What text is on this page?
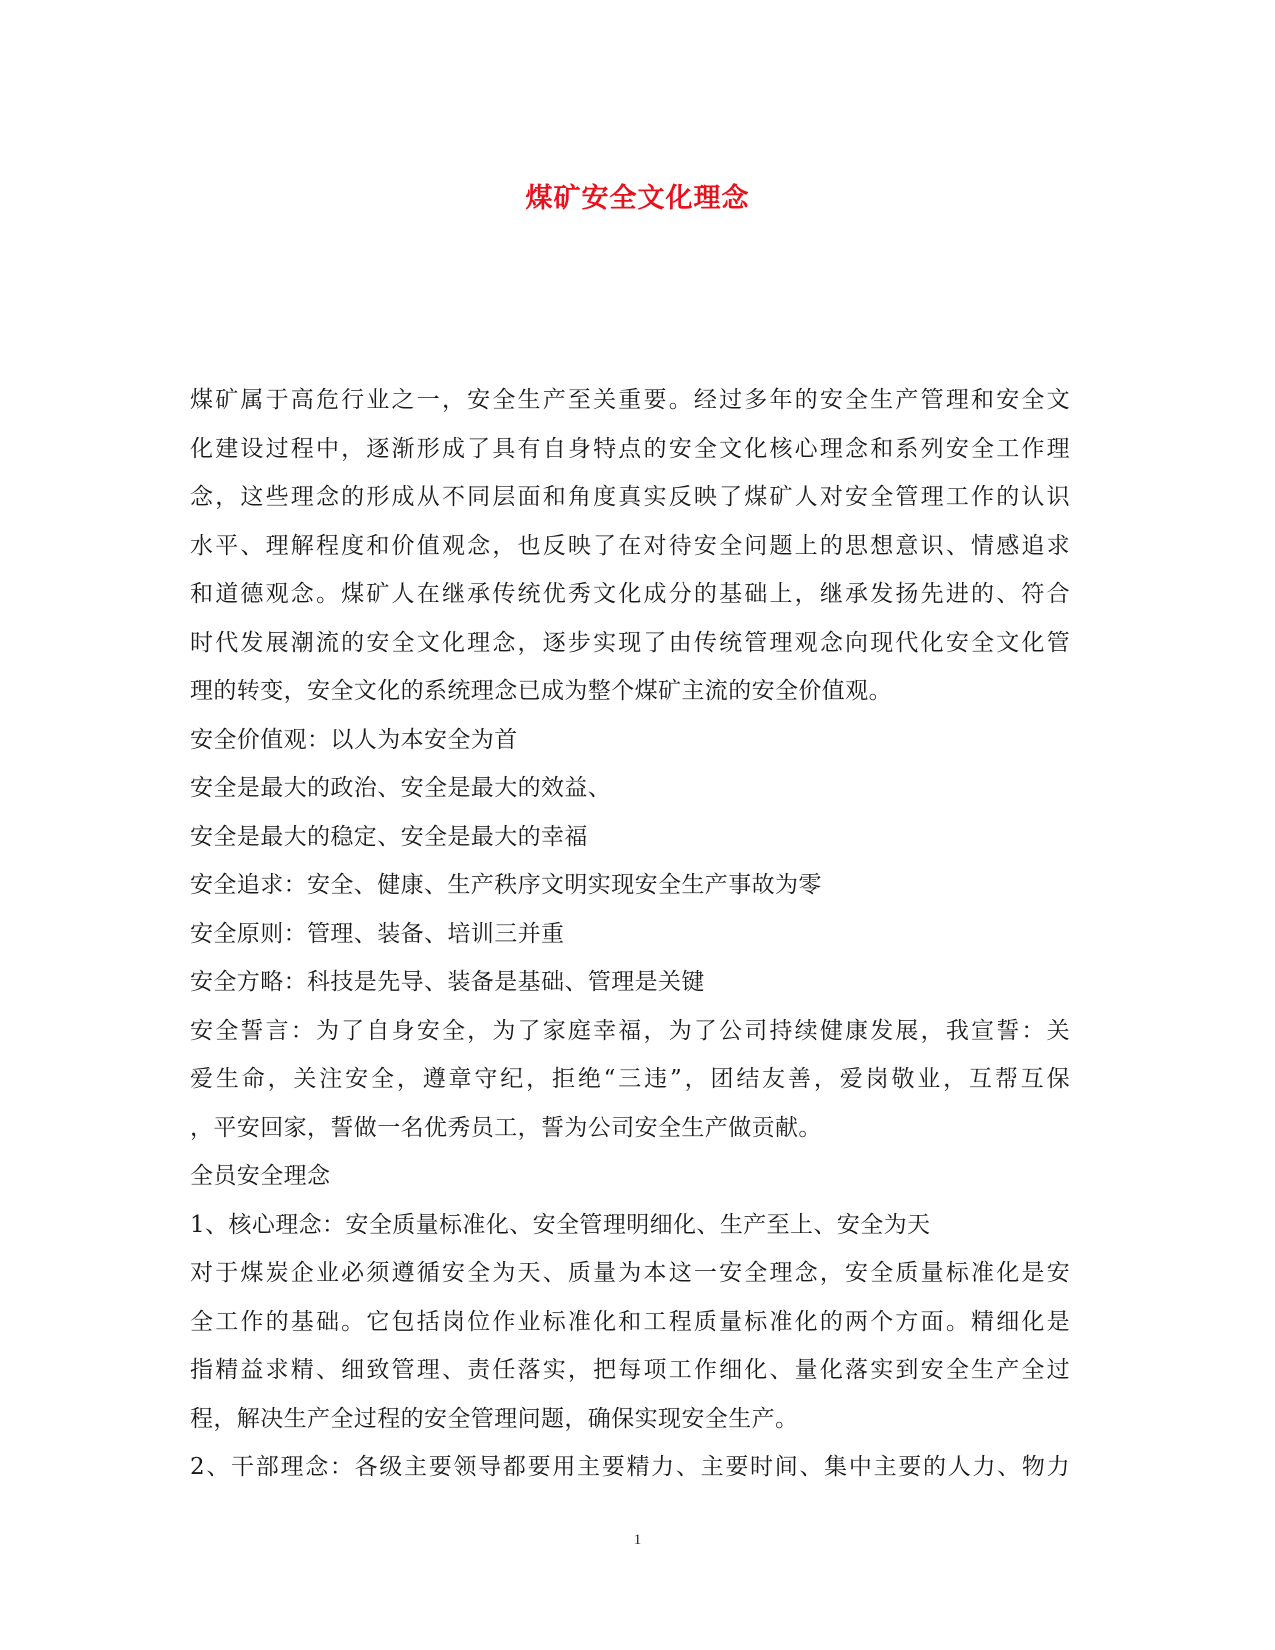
煤矿安全文化理念
煤矿属于高危行业之一，安全生产至关重要。经过多年的安全生产管理和安全文
化建设过程中，逐渐形成了具有自身特点的安全文化核心理念和系列安全工作理
念，这些理念的形成从不同层面和角度真实反映了煤矿人对安全管理工作的认识
水平、理解程度和价值观念，也反映了在对待安全问题上的思想意识、情感追求
和道德观念。煤矿人在继承传统优秀文化成分的基础上，继承发扬先进的、符合
时代发展潮流的安全文化理念，逐步实现了由传统管理观念向现代化安全文化管
理的转变，安全文化的系统理念已成为整个煤矿主流的安全价值观。
安全价值观：以人为本安全为首
安全是最大的政治、安全是最大的效益、
安全是最大的稳定、安全是最大的幸福
安全追求：安全、健康、生产秩序文明实现安全生产事故为零
安全原则：管理、装备、培训三并重
安全方略：科技是先导、装备是基础、管理是关键
安全誓言：为了自身安全，为了家庭幸福，为了公司持续健康发展，我宣誓：关
爱生命，关注安全，遵章守纪，拒绝“三违”，团结友善，爱岗敬业，互帮互保
，平安回家，誓做一名优秀员工，誓为公司安全生产做贡献。
全员安全理念
1、核心理念：安全质量标准化、安全管理明细化、生产至上、安全为天
对于煤炭企业必须遵循安全为天、质量为本这一安全理念，安全质量标准化是安
全工作的基础。它包括岗位作业标准化和工程质量标准化的两个方面。精细化是
指精益求精、细致管理、责任落实，把每项工作细化、量化落实到安全生产全过
程，解决生产全过程的安全管理问题，确保实现安全生产。
2、干部理念：各级主要领导都要用主要精力、主要时间、集中主要的人力、物力
1
